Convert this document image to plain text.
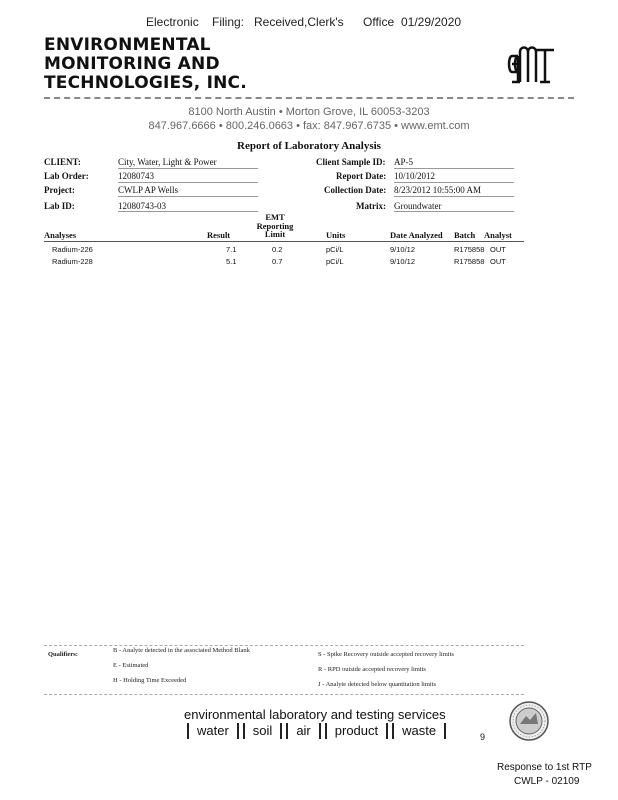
Electronic Filing: Received,Clerk's Office 01/29/2020
ENVIRONMENTAL
MONITORING AND
TECHNOLOGIES, INC.
8100 North Austin • Morton Grove, IL 60053-3203
847.967.6666 • 800.246.0663 • fax: 847.967.6735 • www.emt.com
Report of Laboratory Analysis
CLIENT:	City, Water, Light & Power
Lab Order:	12080743
Project:	CWLP AP Wells
Lab ID:	12080743-03
Client Sample ID: AP-5
Report Date: 10/10/2012
Collection Date: 8/23/2012 10:55:00 AM
Matrix: Groundwater
Analyses	Result
EMT
Reporting
Limit	Units	Date Analyzed Batch Analyst
Radium-226	7.1	0.2	pCi/L	9/10/12	R175858 OUT
Radium-228	5.1	0.7	pCi/L	9/10/12	R175858 OUT
Qualifiers:
B - Analyte detected in the associated Method Blank
E - Estimated
H - Holding Time Exceeded
S - Spike Recovery outside accepted recovery limits
R - RPD outside accepted recovery limits
J - Analyte detected below quantitation limits
environmental laboratory and testing services
water	soil	air	product	waste	9
Response to 1st RTP
CWLP - 02109
